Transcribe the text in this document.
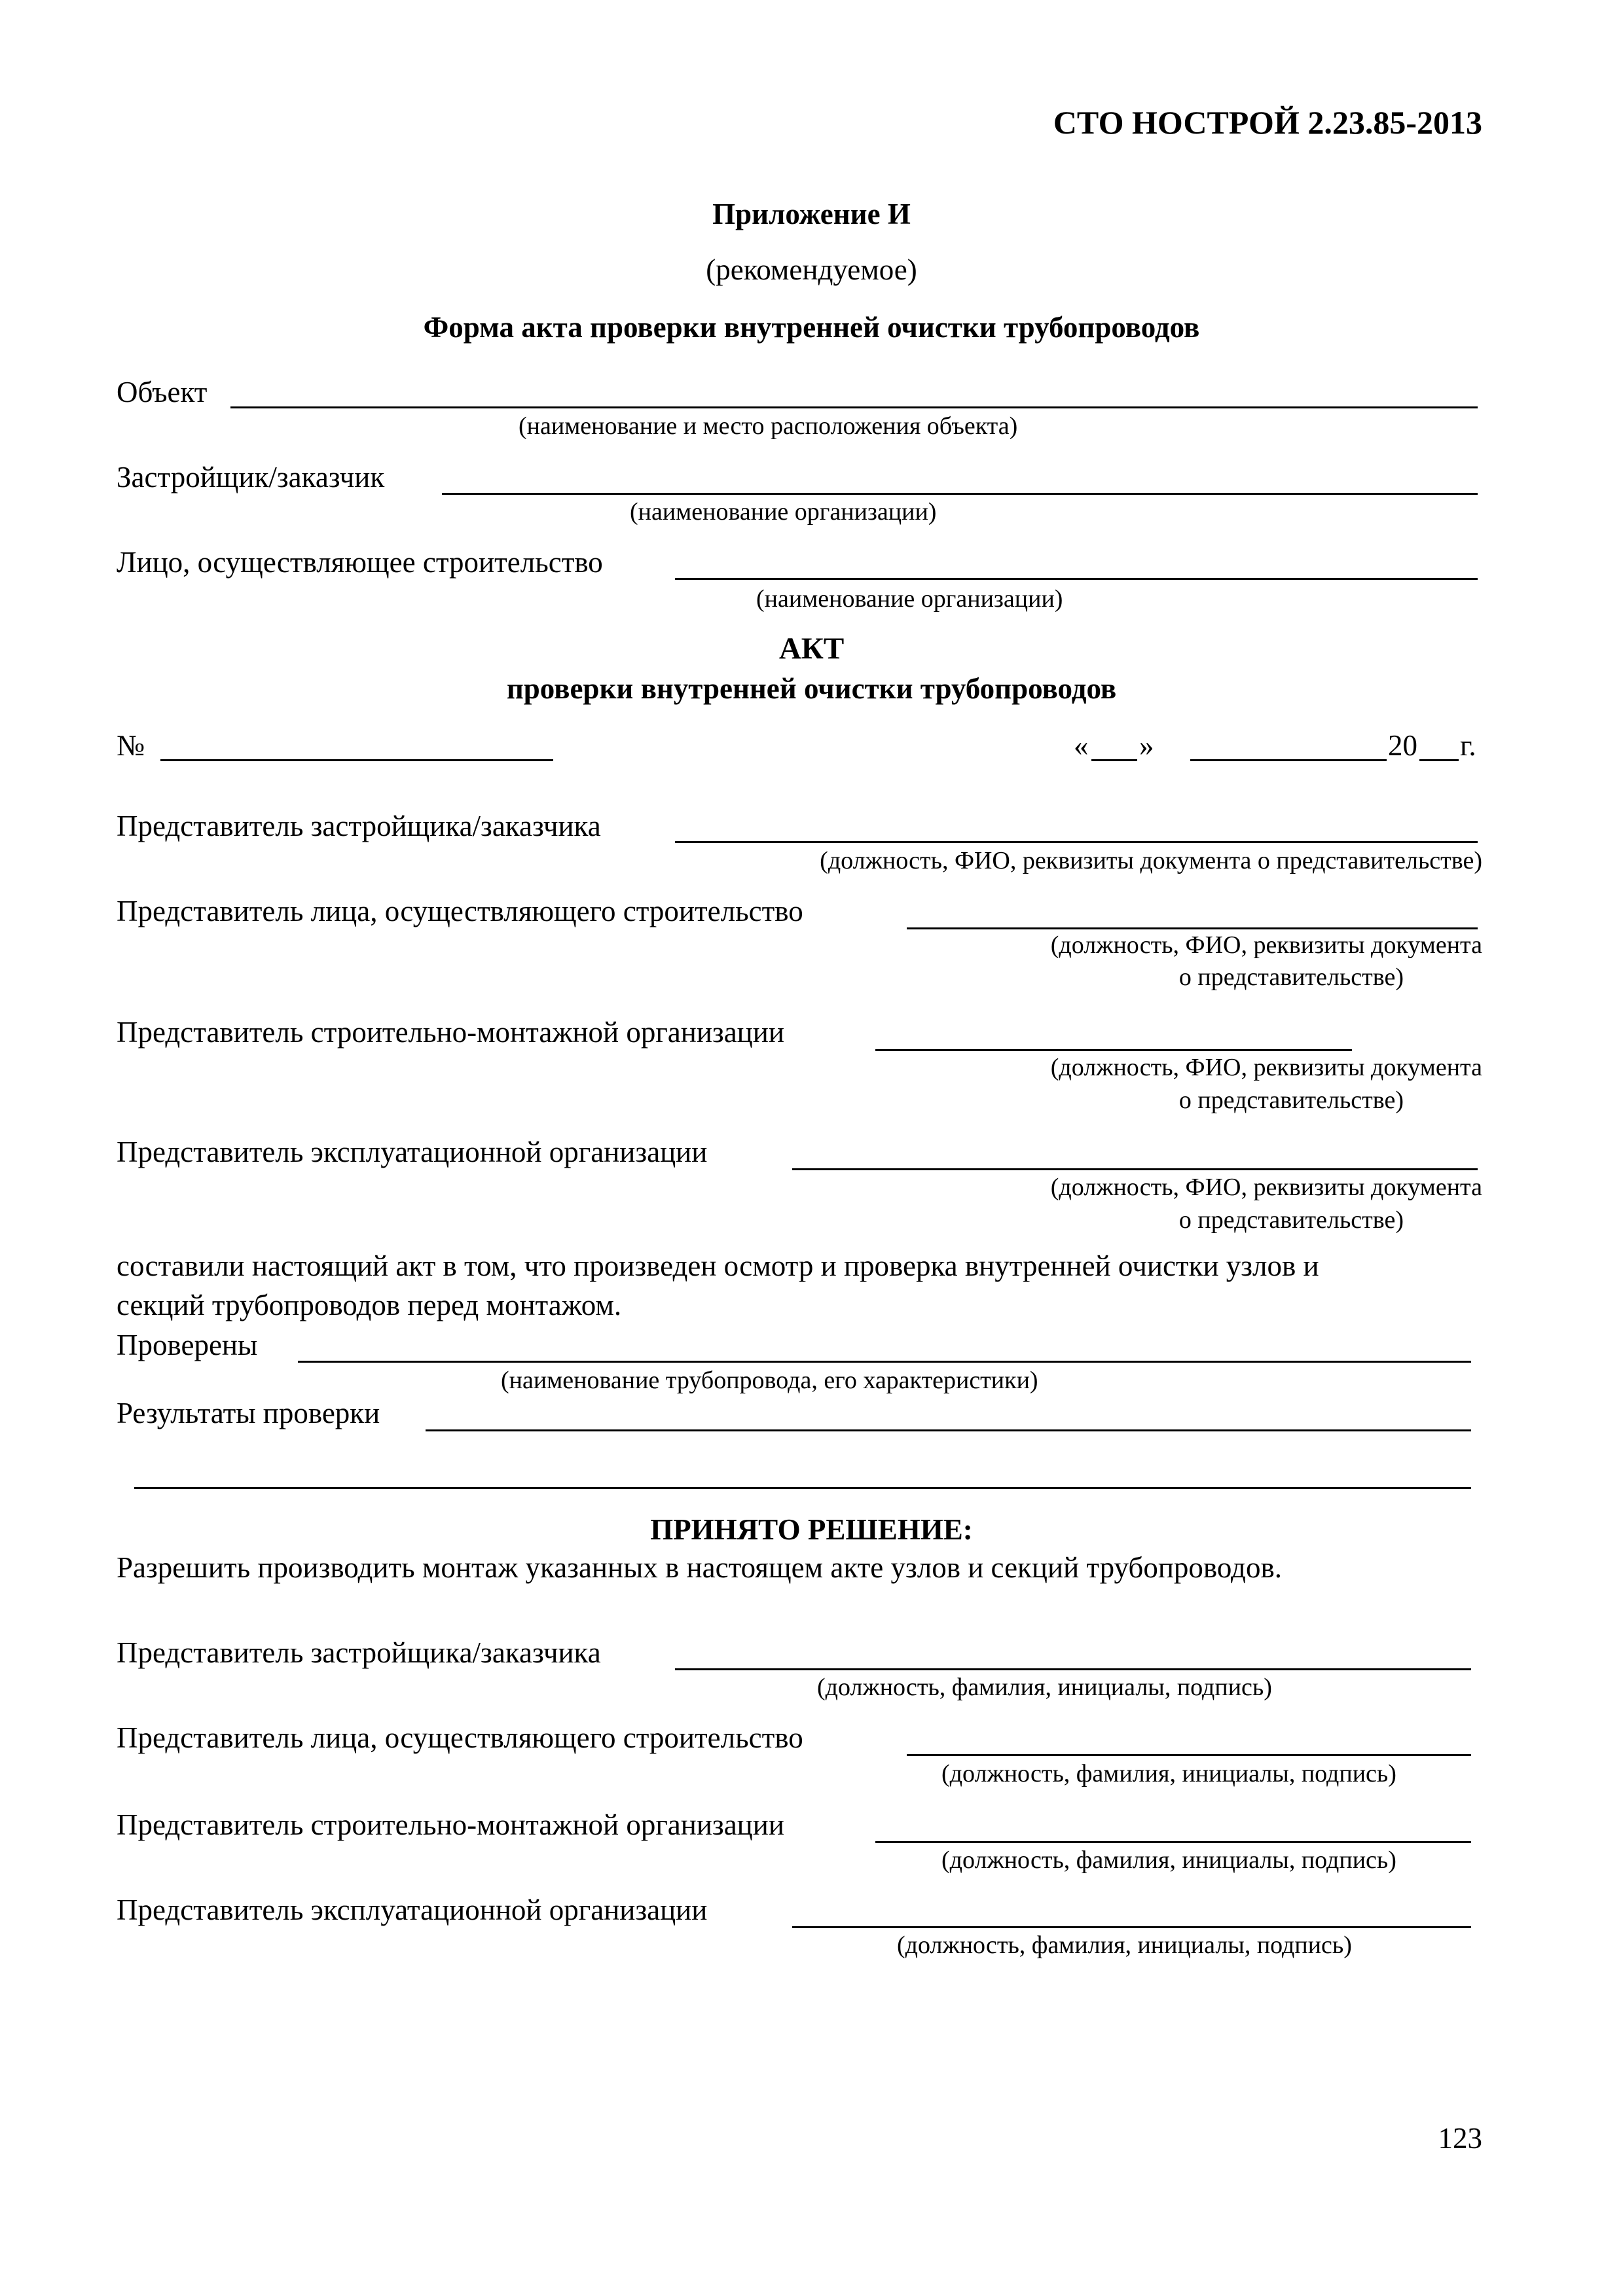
СТО НОСТРОЙ 2.23.85-2013
Приложение И
(рекомендуемое)
Форма акта проверки внутренней очистки трубопроводов
Объект
(наименование и место расположения объекта)
Застройщик/заказчик
(наименование организации)
Лицо, осуществляющее строительство
(наименование организации)
АКТ
проверки внутренней очистки трубопроводов
№	« »	20 г.
Представитель застройщика/заказчика
(должность, ФИО, реквизиты документа о представительстве)
Представитель лица, осуществляющего строительство
(должность, ФИО, реквизиты документа
о представительстве)
Представитель строительно-монтажной организации
(должность, ФИО, реквизиты документа
о представительстве)
Представитель эксплуатационной организации
(должность, ФИО, реквизиты документа
о представительстве)
составили настоящий акт в том, что произведен осмотр и проверка внутренней очистки узлов и
секций трубопроводов перед монтажом.
Проверены
(наименование трубопровода, его характеристики)
Результаты проверки
ПРИНЯТО РЕШЕНИЕ:
Разрешить производить монтаж указанных в настоящем акте узлов и секций трубопроводов.
Представитель застройщика/заказчика
(должность, фамилия, инициалы, подпись)
Представитель лица, осуществляющего строительство
(должность, фамилия, инициалы, подпись)
Представитель строительно-монтажной организации
(должность, фамилия, инициалы, подпись)
Представитель эксплуатационной организации
(должность, фамилия, инициалы, подпись)
123
